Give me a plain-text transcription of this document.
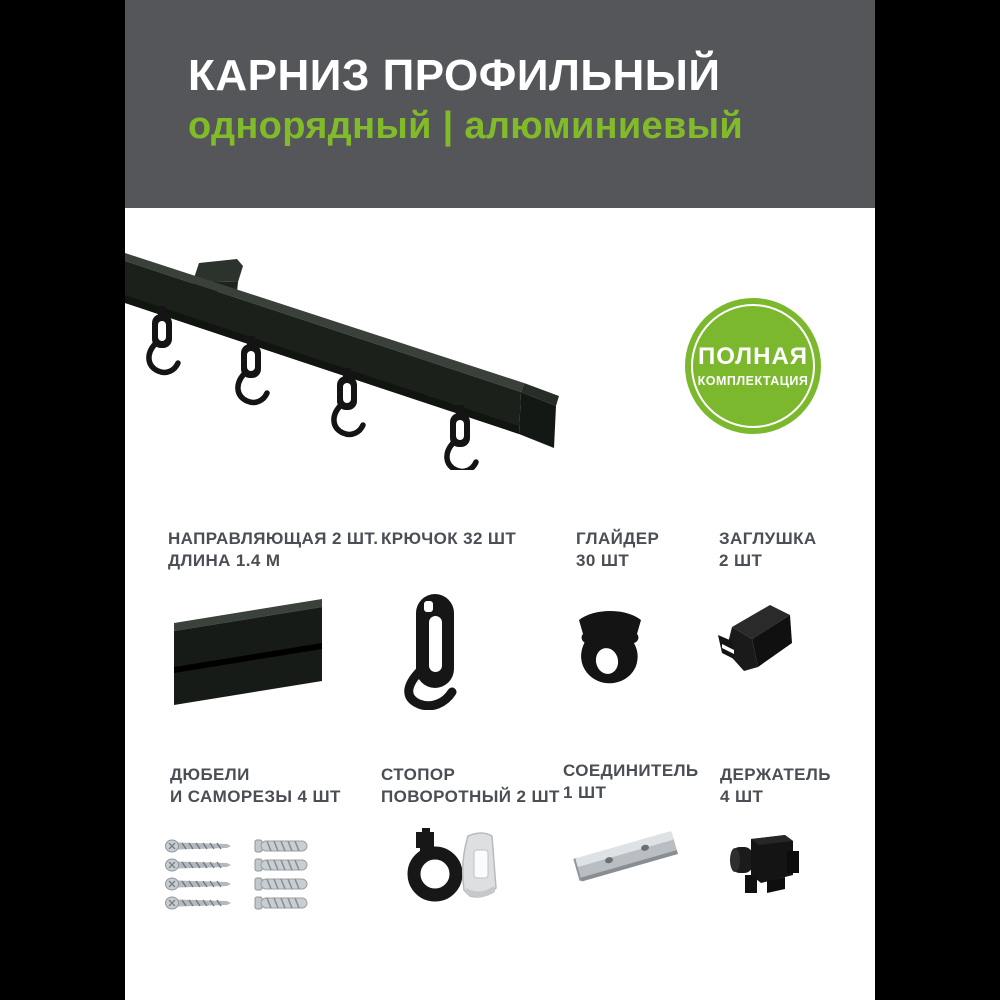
КАРНИЗ ПРОФИЛЬНЫЙ
однорядный | алюминиевый
ПОЛНАЯ
КОМПЛЕКТАЦИЯ
НАПРАВЛЯЮЩАЯ 2 ШТ.
ДЛИНА 1.4 М
КРЮЧОК 32 ШТ	ГЛАЙДЕР
30 ШТ
ЗАГЛУШКА
2 ШТ
ДЮБЕЛИ
И САМОРЕЗЫ 4 ШТ
СТОПОР
ПОВОРОТНЫЙ 2 ШТ
СОЕДИНИТЕЛЬ
1 ШТ
ДЕРЖАТЕЛЬ
4 ШТ
